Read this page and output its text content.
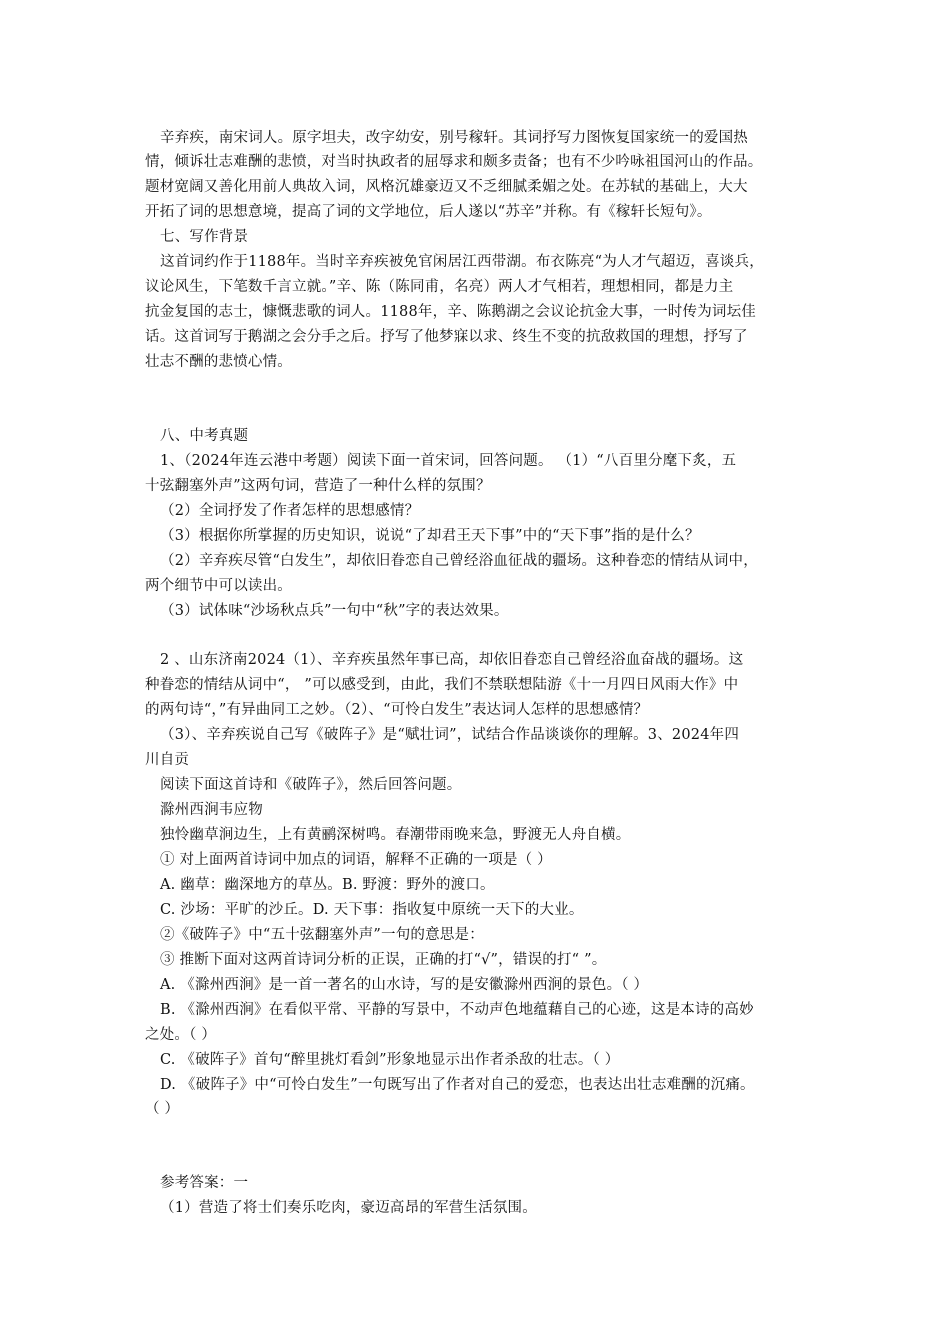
辛弃疾，南宋词人。原字坦夫，改字幼安，别号稼轩。其词抒写力图恢复国家统一的爱国热
情，倾诉壮志难酬的悲愤，对当时执政者的屈辱求和颇多责备；也有不少吟咏祖国河山的作品。
题材宽阔又善化用前人典故入词，风格沉雄豪迈又不乏细腻柔媚之处。在苏轼的基础上，大大
开拓了词的思想意境，提高了词的文学地位，后人遂以“苏辛”并称。有《稼轩长短句》。
七、写作背景
这首词约作于1188年。当时辛弃疾被免官闲居江西带湖。布衣陈亮“为人才气超迈，喜谈兵，
议论风生，下笔数千言立就。”辛、陈（陈同甫，名亮）两人才气相若，理想相同，都是力主
抗金复国的志士，慷慨悲歌的词人。1188年，辛、陈鹅湖之会议论抗金大事，一时传为词坛佳
话。这首词写于鹅湖之会分手之后。抒写了他梦寐以求、终生不变的抗敌救国的理想，抒写了
壮志不酬的悲愤心情。
八、中考真题
1、（2024年连云港中考题）阅读下面一首宋词，回答问题。 （1）“八百里分麾下炙，五
十弦翻塞外声”这两句词，营造了一种什么样的氛围？
（2）全词抒发了作者怎样的思想感情？
（3）根据你所掌握的历史知识，说说“了却君王天下事”中的“天下事”指的是什么？
（2）辛弃疾尽管“白发生”，却依旧眷恋自己曾经浴血征战的疆场。这种眷恋的情结从词中，
两个细节中可以读出。
（3）试体味“沙场秋点兵”一句中“秋”字的表达效果。
2 、山东济南2024（1）、辛弃疾虽然年事已高，却依旧眷恋自己曾经浴血奋战的疆场。这
种眷恋的情结从词中“， ”可以感受到，由此，我们不禁联想陆游《十一月四日风雨大作》中
的两句诗“，”有异曲同工之妙。（2）、“可怜白发生”表达词人怎样的思想感情？
（3）、辛弃疾说自己写《破阵子》是“赋壮词”，试结合作品谈谈你的理解。3、2024年四
川自贡
阅读下面这首诗和《破阵子》，然后回答问题。
滁州西涧韦应物
独怜幽草涧边生，上有黄鹂深树鸣。春潮带雨晚来急，野渡无人舟自横。
① 对上面两首诗词中加点的词语，解释不正确的一项是（ ）
A. 幽草：幽深地方的草丛。B. 野渡：野外的渡口。
C. 沙场：平旷的沙丘。D. 天下事：指收复中原统一天下的大业。
②《破阵子》中“五十弦翻塞外声”一句的意思是：
③ 推断下面对这两首诗词分析的正误，正确的打“√”，错误的打“ ”。
A. 《滁州西涧》是一首一著名的山水诗，写的是安徽滁州西涧的景色。（ ）
B. 《滁州西涧》在看似平常、平静的写景中，不动声色地蕴藉自己的心迹，这是本诗的高妙
之处。（ ）
C. 《破阵子》首句“醉里挑灯看剑”形象地显示出作者杀敌的壮志。（ ）
D. 《破阵子》中“可怜白发生”一句既写出了作者对自己的爱恋，也表达出壮志难酬的沉痛。
（ ）
参考答案：一
（1）营造了将士们奏乐吃肉，豪迈高昂的军营生活氛围。
